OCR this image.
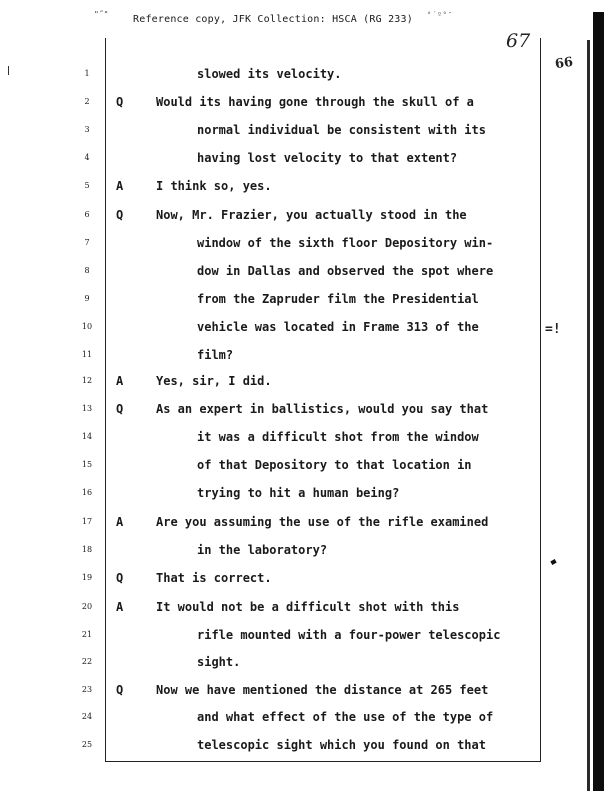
"˝" Reference copy, JFK Collection: HSCA (RG 233) °´º°″
67
66
=!
1	slowed its velocity.
2	Q	Would its having gone through the skull of a
3	normal individual be consistent with its
4	having lost velocity to that extent?
5	A	I think so, yes.
6	Q	Now, Mr. Frazier, you actually stood in the
7	window of the sixth floor Depository win-
8	dow in Dallas and observed the spot where
9	from the Zapruder film the Presidential
10	vehicle was located in Frame 313 of the
11	film?
12	A	Yes, sir, I did.
13	Q	As an expert in ballistics, would you say that
14	it was a difficult shot from the window
15	of that Depository to that location in
16	trying to hit a human being?
17	A	Are you assuming the use of the rifle examined
18	in the laboratory?
19	Q	That is correct.
20	A	It would not be a difficult shot with this
21	rifle mounted with a four-power telescopic
22	sight.
23	Q	Now we have mentioned the distance at 265 feet
24	and what effect of the use of the type of
25	telescopic sight which you found on that
